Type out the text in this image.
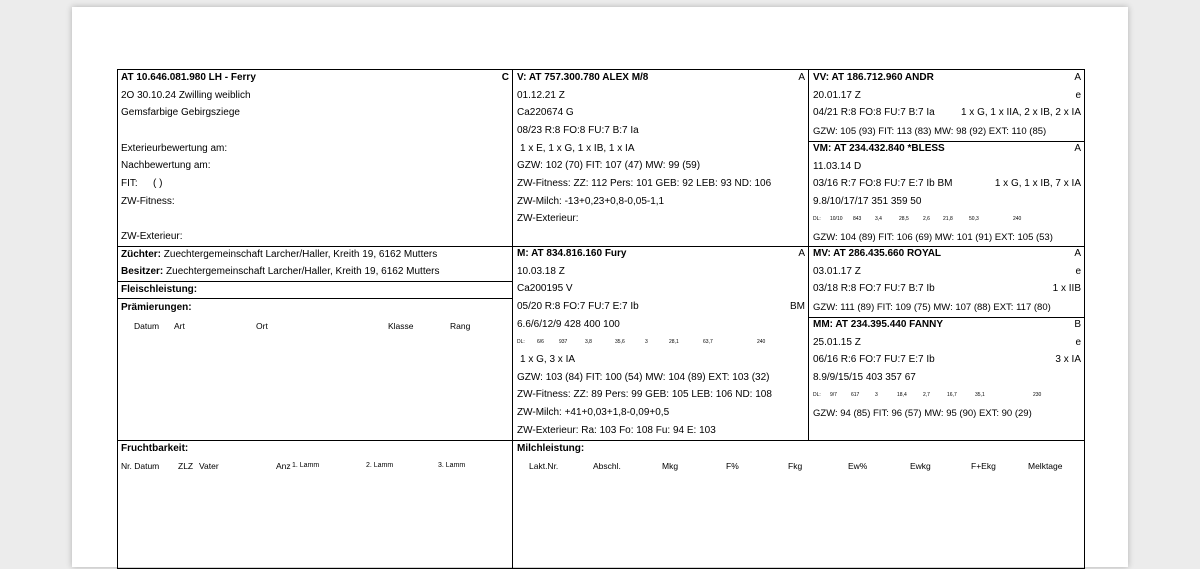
AT 10.646.081.980 LH - Ferry	C
2O 30.10.24 Zwilling weiblich
Gemsfarbige Gebirgsziege
Exterieurbewertung am:
Nachbewertung am:
FIT: ( )
ZW-Fitness:
ZW-Exterieur:
Züchter: Zuechtergemeinschaft Larcher/Haller, Kreith 19, 6162 Mutters
Besitzer: Zuechtergemeinschaft Larcher/Haller, Kreith 19, 6162 Mutters
Fleischleistung:
Prämierungen:
Datum Art	Ort	Klasse	Rang
V: AT 757.300.780 ALEX M/8	A
01.12.21 Z
Ca220674 G
08/23 R:8 FO:8 FU:7 B:7 Ia
1 x E, 1 x G, 1 x IB, 1 x IA
GZW: 102 (70) FIT: 107 (47) MW: 99 (59)
ZW-Fitness: ZZ: 112 Pers: 101 GEB: 92 LEB: 93 ND: 106
ZW-Milch: -13+0,23+0,8-0,05-1,1
ZW-Exterieur:
VV: AT 186.712.960 ANDR	A
20.01.17 Z	e
04/21 R:8 FO:8 FU:7 B:7 Ia	1 x G, 1 x IIA, 2 x IB, 2 x IA
GZW: 105 (93) FIT: 113 (83) MW: 98 (92) EXT: 110 (85)
VM: AT 234.432.840 *BLESS	A
11.03.14 D
03/16 R:7 FO:8 FU:7 E:7 Ib BM	1 x G, 1 x IB, 7 x IA
9.8/10/17/17 351 359 50
DL: 10/10 843	3,4	28,5	2,6	21,8	50,3	240
GZW: 104 (89) FIT: 106 (69) MW: 101 (91) EXT: 105 (53)
M: AT 834.816.160 Fury	A
10.03.18 Z
Ca200195 V
05/20 R:8 FO:7 FU:7 E:7 Ib	BM
6.6/6/12/9 428 400 100
DL: 6/6	937	3,8	35,6	3	28,1	63,7	240
1 x G, 3 x IA
GZW: 103 (84) FIT: 100 (54) MW: 104 (89) EXT: 103 (32)
ZW-Fitness: ZZ: 89 Pers: 99 GEB: 105 LEB: 106 ND: 108
ZW-Milch: +41+0,03+1,8-0,09+0,5
ZW-Exterieur: Ra: 103 Fo: 108 Fu: 94 E: 103
MV: AT 286.435.660 ROYAL	A
03.01.17 Z	e
03/18 R:8 FO:7 FU:7 B:7 Ib	1 x IIB
GZW: 111 (89) FIT: 109 (75) MW: 107 (88) EXT: 117 (80)
MM: AT 234.395.440 FANNY	B
25.01.15 Z	e
06/16 R:6 FO:7 FU:7 E:7 Ib	3 x IA
8.9/9/15/15 403 357 67
DL: 9/7	617	3	18,4	2,7	16,7	35,1	230
GZW: 94 (85) FIT: 96 (57) MW: 95 (90) EXT: 90 (29)
Fruchtbarkeit:
Nr. Datum ZLZ Vater	Anz 1. Lamm	2. Lamm	3. Lamm
Milchleistung:
Lakt.Nr.	Abschl.	Mkg	F%	Fkg	Ew%	Ewkg	F+Ekg	Melktage
